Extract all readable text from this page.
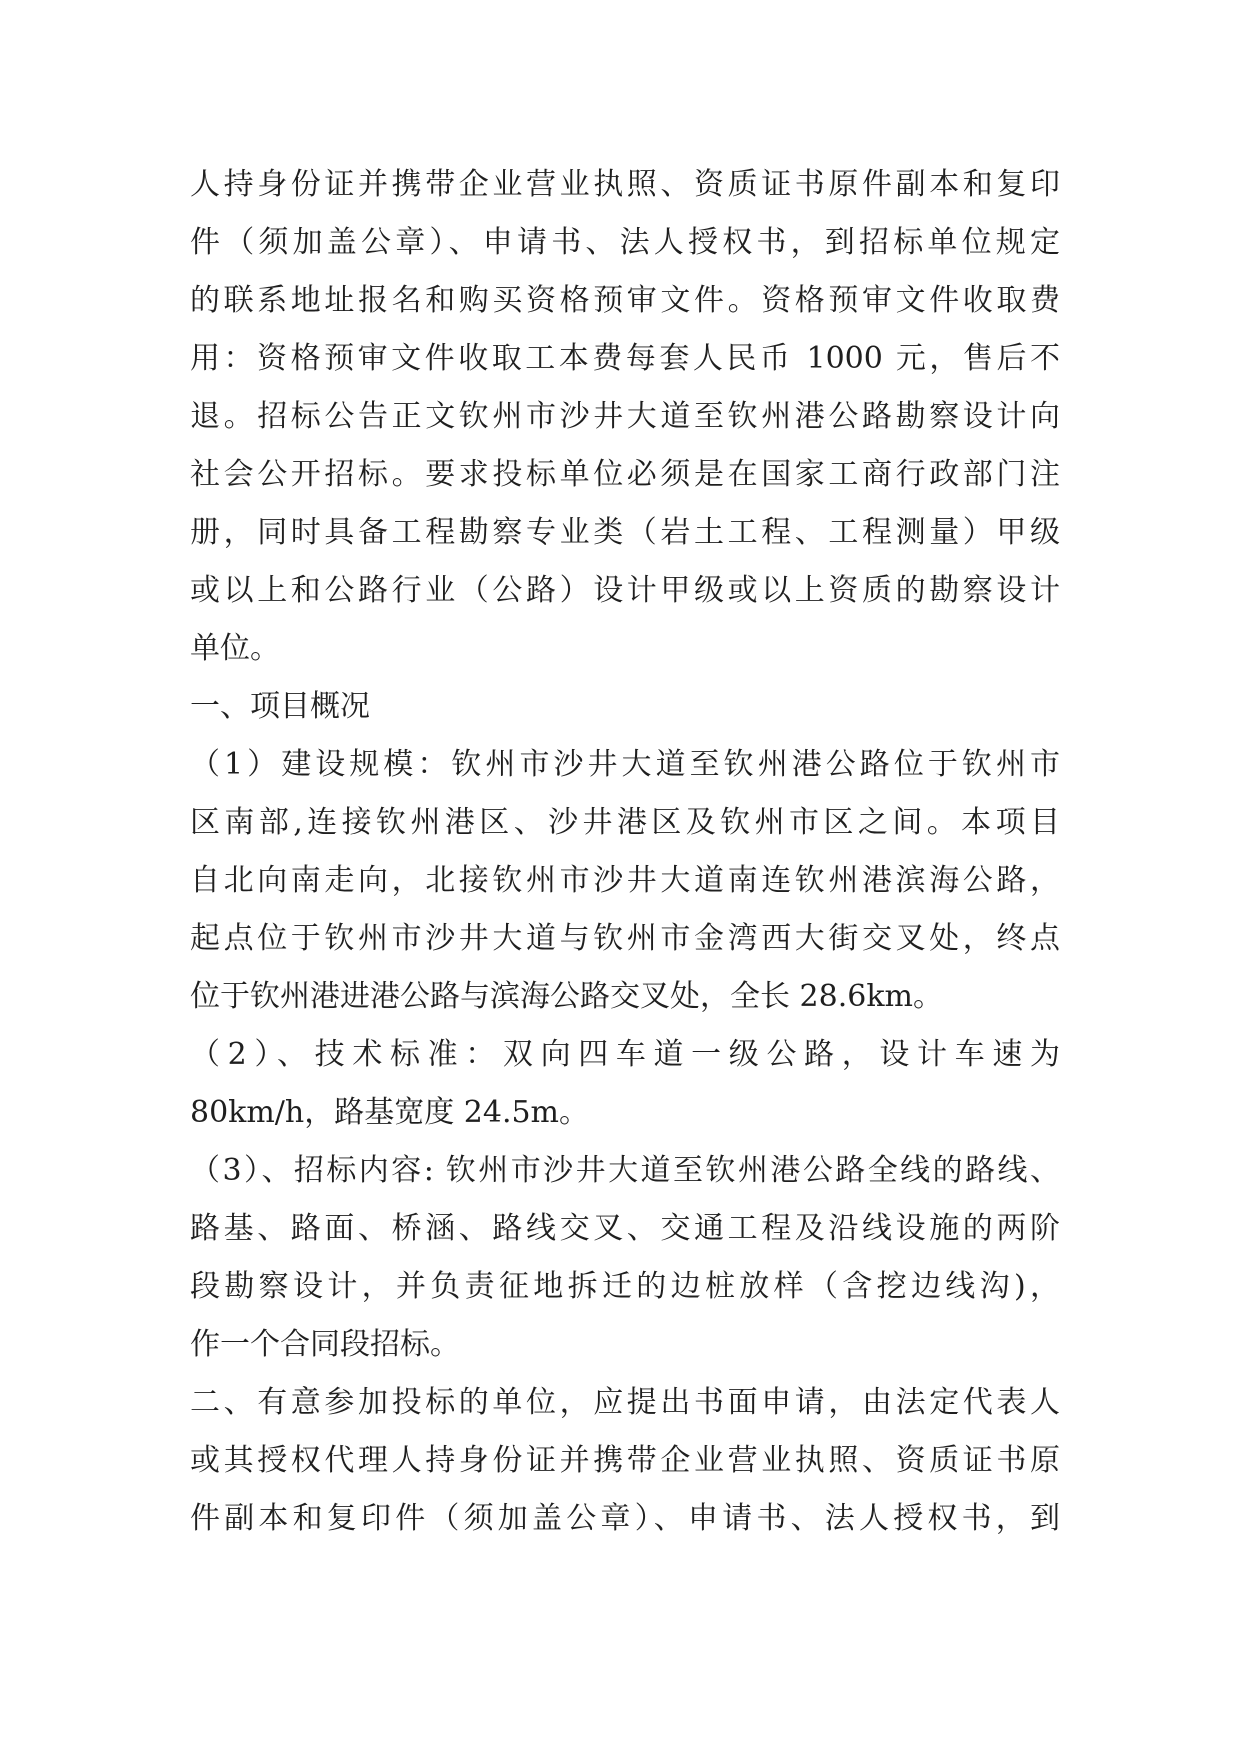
人持身份证并携带企业营业执照、资质证书原件副本和复印
件（须加盖公章）、申请书、法人授权书，到招标单位规定
的联系地址报名和购买资格预审文件。资格预审文件收取费
用：资格预审文件收取工本费每套人民币 1000 元，售后不
退。招标公告正文钦州市沙井大道至钦州港公路勘察设计向
社会公开招标。要求投标单位必须是在国家工商行政部门注
册，同时具备工程勘察专业类（岩土工程、工程测量）甲级
或以上和公路行业（公路）设计甲级或以上资质的勘察设计
单位。
一、项目概况
（1）建设规模：钦州市沙井大道至钦州港公路位于钦州市
区南部,连接钦州港区、沙井港区及钦州市区之间。本项目
自北向南走向，北接钦州市沙井大道南连钦州港滨海公路，
起点位于钦州市沙井大道与钦州市金湾西大街交叉处，终点
位于钦州港进港公路与滨海公路交叉处，全长 28.6km。
（2）、技术标准：双向四车道一级公路，设计车速为
80km/h，路基宽度 24.5m。
（3）、招标内容: 钦州市沙井大道至钦州港公路全线的路线、
路基、路面、桥涵、路线交叉、交通工程及沿线设施的两阶
段勘察设计，并负责征地拆迁的边桩放样（含挖边线沟)，
作一个合同段招标。
二、有意参加投标的单位，应提出书面申请，由法定代表人
或其授权代理人持身份证并携带企业营业执照、资质证书原
件副本和复印件（须加盖公章）、申请书、法人授权书，到
